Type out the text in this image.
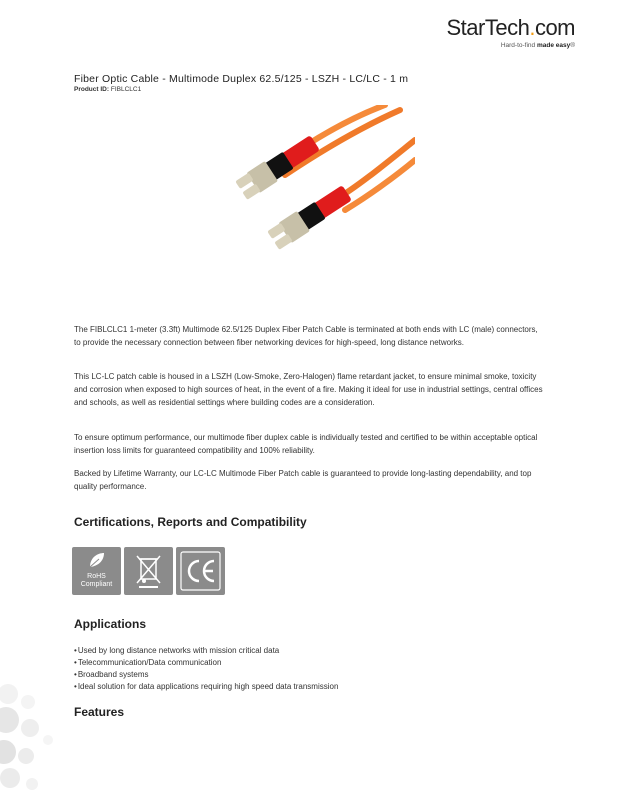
StarTech.com
Hard-to-find made easy®
Fiber Optic Cable - Multimode Duplex 62.5/125 - LSZH - LC/LC - 1 m
Product ID: FIBLCLC1

The FIBLCLC1 1-meter (3.3ft) Multimode 62.5/125 Duplex Fiber Patch Cable is terminated at both ends with LC (male) connectors, to provide the necessary connection between fiber networking devices for high-speed, long distance networks.

This LC-LC patch cable is housed in a LSZH (Low-Smoke, Zero-Halogen) flame retardant jacket, to ensure minimal smoke, toxicity and corrosion when exposed to high sources of heat, in the event of a fire. Making it ideal for use in industrial settings, central offices and schools, as well as residential settings where building codes are a consideration.

To ensure optimum performance, our multimode fiber duplex cable is individually tested and certified to be within acceptable optical insertion loss limits for guaranteed compatibility and 100% reliability.

Backed by Lifetime Warranty, our LC-LC Multimode Fiber Patch cable is guaranteed to provide long-lasting dependability, and top quality performance.

Certifications, Reports and Compatibility
RoHS
Compliant
Applications
• Used by long distance networks with mission critical data
• Telecommunication/Data communication
• Broadband systems
• Ideal solution for data applications requiring high speed data transmission
Features
